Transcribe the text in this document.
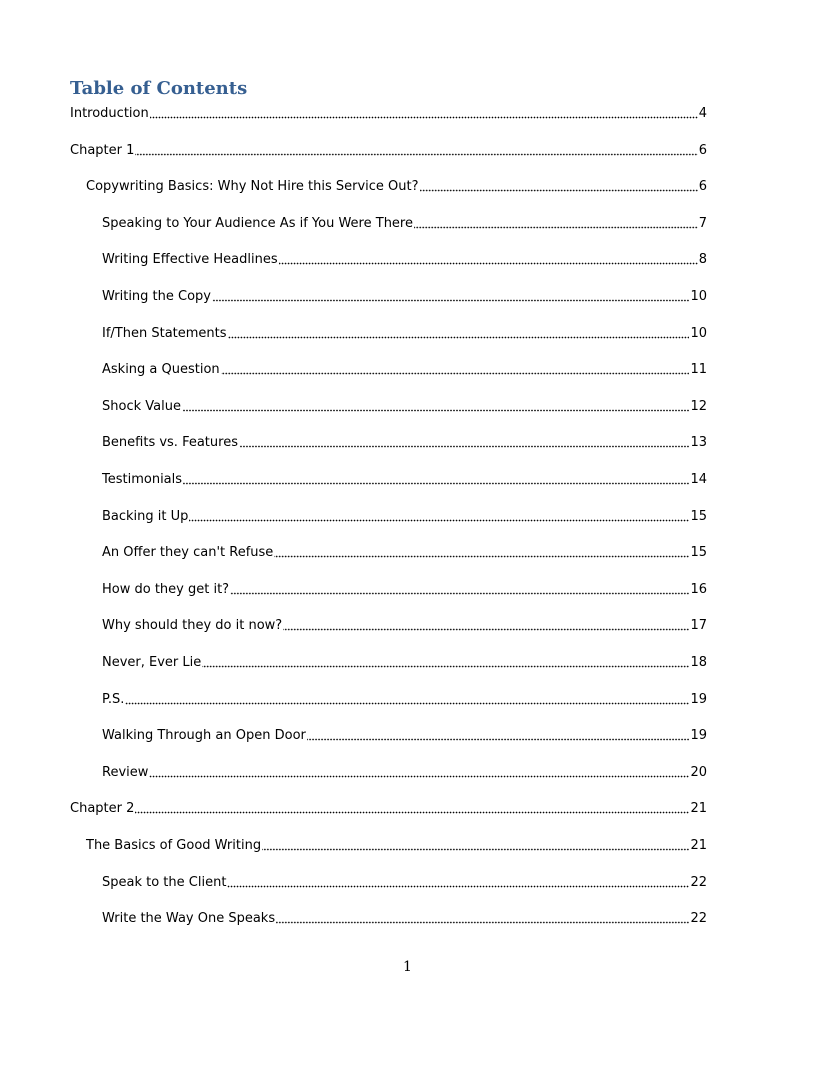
Table of Contents
Introduction	4
Chapter 1	6
Copywriting Basics: Why Not Hire this Service Out?	6
Speaking to Your Audience As if You Were There	7
Writing Effective Headlines	8
Writing the Copy	10
If/Then Statements	10
Asking a Question	11
Shock Value	12
Benefits vs. Features	13
Testimonials	14
Backing it Up	15
An Offer they can't Refuse	15
How do they get it?	16
Why should they do it now?	17
Never, Ever Lie	18
P.S.	19
Walking Through an Open Door	19
Review	20
Chapter 2	21
The Basics of Good Writing	21
Speak to the Client	22
Write the Way One Speaks	22
1
